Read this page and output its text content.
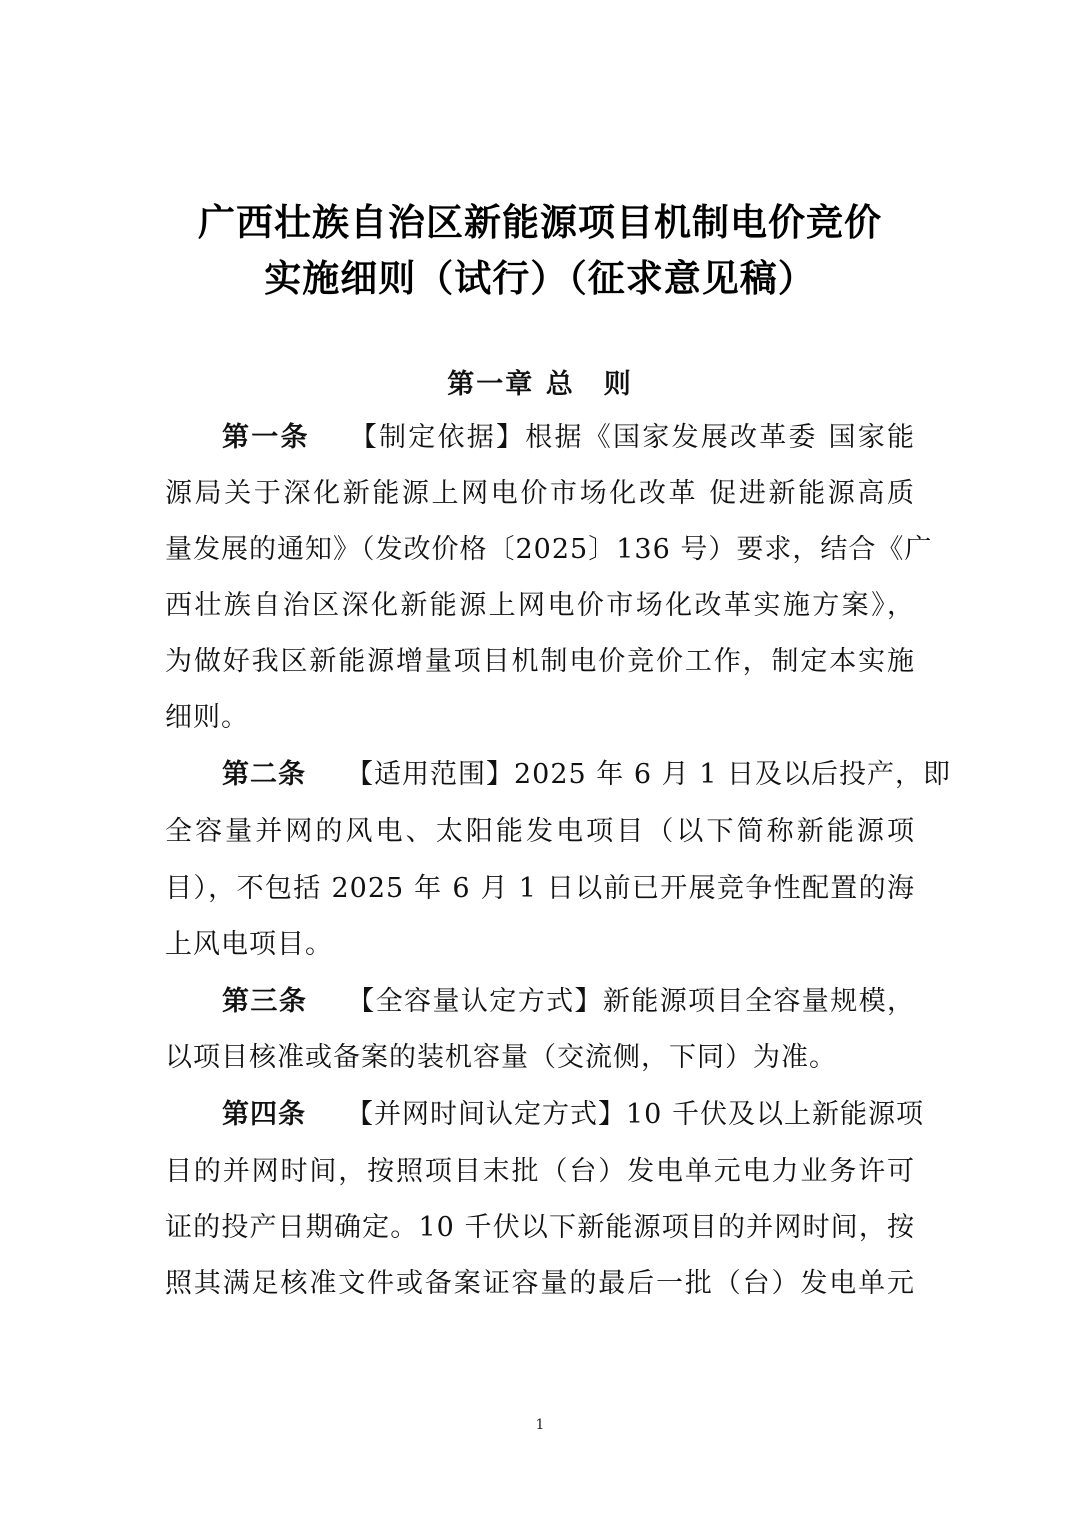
广西壮族自治区新能源项目机制电价竞价
实施细则（试行）（征求意见稿）
第一章 总　则
第一条 【制定依据】根据《国家发展改革委 国家能
源局关于深化新能源上网电价市场化改革 促进新能源高质
量发展的通知》（发改价格〔2025〕136 号）要求，结合《广
西壮族自治区深化新能源上网电价市场化改革实施方案》，
为做好我区新能源增量项目机制电价竞价工作，制定本实施
细则。
第二条 【适用范围】2025 年 6 月 1 日及以后投产，即
全容量并网的风电、太阳能发电项目（以下简称新能源项
目），不包括 2025 年 6 月 1 日以前已开展竞争性配置的海
上风电项目。
第三条 【全容量认定方式】新能源项目全容量规模，
以项目核准或备案的装机容量（交流侧，下同）为准。
第四条 【并网时间认定方式】10 千伏及以上新能源项
目的并网时间，按照项目末批（台）发电单元电力业务许可
证的投产日期确定。10 千伏以下新能源项目的并网时间，按
照其满足核准文件或备案证容量的最后一批（台）发电单元
1
